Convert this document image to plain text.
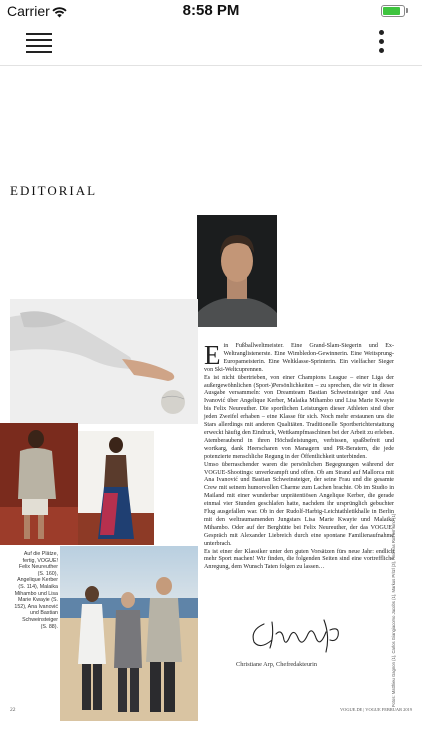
Carrier	8:58 PM
EDITORIAL

Ein Fußballweltmeister. Eine Grand-Slam-Siegerin und Ex-Weltranglistenerste. Eine Wimbledon-Gewinnerin. Eine Weitsprung-Europameisterin. Eine Weltklasse-Sprinterin. Ein vielfacher Sieger von Ski-Weltcuprennen.

Es ist nicht übertrieben, von einer Champions League – einer Liga der außergewöhnlichen (Sport-)Persönlichkeiten – zu sprechen, die wir in dieser Ausgabe versammeln: von Dreamteam Bastian Schweinsteiger und Ana Ivanović über Angelique Kerber, Malaika Mihambo und Lisa Marie Kwayie bis Felix Neureuther. Die sportlichen Leistungen dieser Athleten sind über jeden Zweifel erhaben – eine Klasse für sich. Noch mehr erstaunen uns die Stars allerdings mit anderen Qualitäten. Traditionelle Sportberichterstattung erweckt häufig den Eindruck, Wettkampfmaschinen bei der Arbeit zu erleben. Atemberaubend in ihren Höchstleistungen, verbissen, spaßbefreit und wortkarg, dank Heerscharen von Managern und PR-Beratern, die jede potenzierte menschliche Regung in der Öffentlichkeit unterbinden.

Umso überraschender waren die persönlichen Begegnungen während der VOGUE-Shootings: unverkrampft und offen. Ob am Strand auf Mallorca mit Ana Ivanović und Bastian Schweinsteiger, der seine Frau und die gesamte Crew mit seinem humorvollen Charme zum Lachen brachte. Ob im Studio in Mailand mit einer wunderbar unprätentiösen Angelique Kerber, die gerade einmal vier Stunden geschlafen hatte, nachdem ihr ursprünglich gebuchter Flug ausgefallen war. Ob in der Rudolf-Harbig-Leichtathletikhalle in Berlin mit den weltraumamenden Jungstars Lisa Marie Kwayie und Malaika Mihambo. Oder auf der Berghütte bei Felix Neureuther, der das VOGUE-Gespräch mit Alexander Liebreich durch eine spontane Familienaufnahme unterbrach.

Es ist einer der Klassiker unter den guten Vorsätzen fürs neue Jahr: endlich mehr Sport machen! Wir finden, die folgenden Seiten sind eine vortreffliche Anregung, dem Wunsch Taten folgen zu lassen…

Auf die Plätze, fertig, VOGUE! Felix Neureuther (S. 160), Angelique Kerber (S. 114), Malaika Mihambo und Lisa Marie Kwayie (S. 152), Ana Ivanović und Bastian Schweinsteiger (S. 88).
Christiane Arp, Chefredakteurin	Fotos: Matthieu Gagnon (1), Carlos Giangiacomo Jacobs (1), Markus Pritzl (3), Andreas Rothermund (1)
22	VOGUE.DE | VOGUE FEBRUAR 2019
